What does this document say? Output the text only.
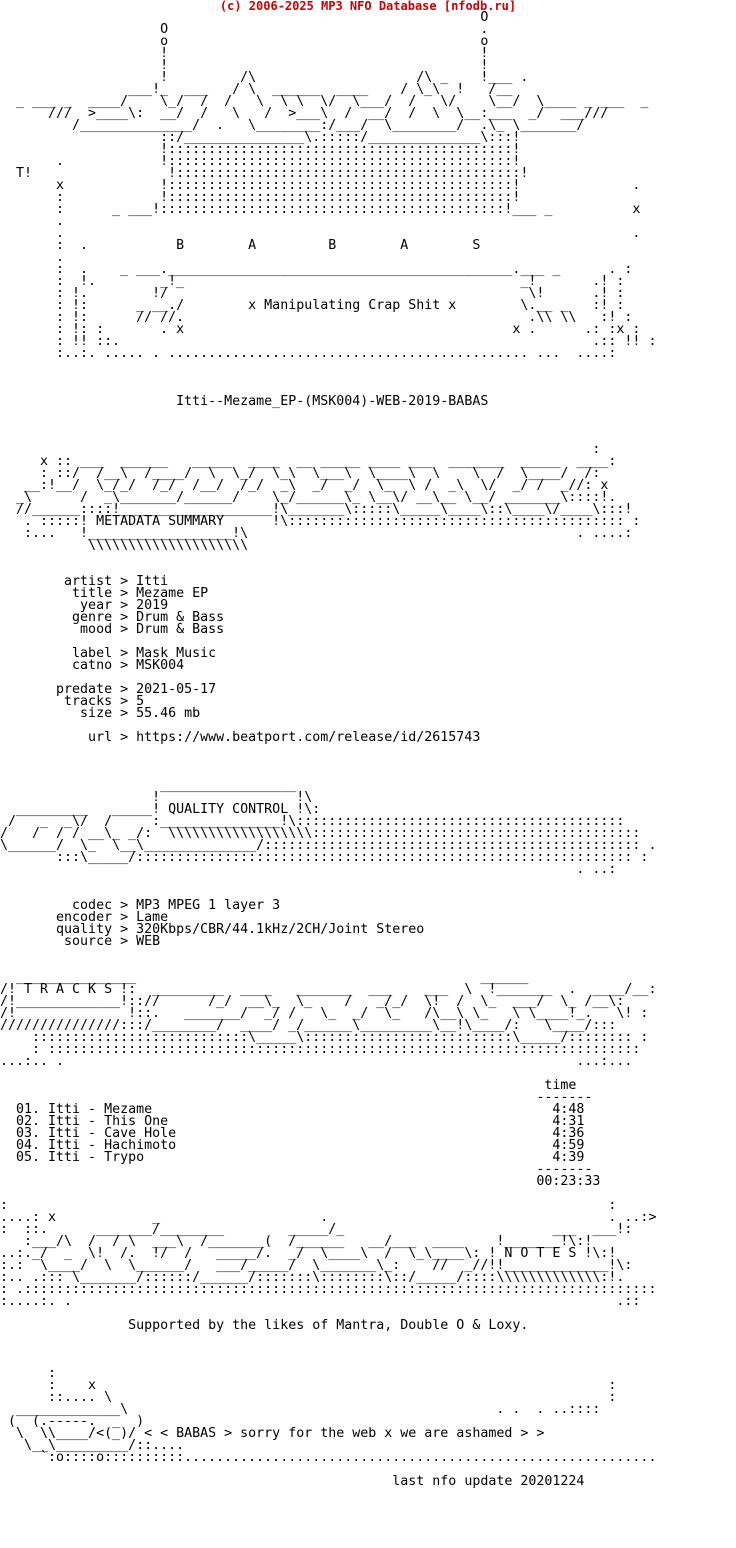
(c) 2006-2025 MP3 NFO Database [nfodb.ru]
O
O                                       .
o                                       o
!                                       !
!                                       !
!         /\                    /\ _    !___ .
___!_  ___   / \  ______  ____    / \_\  !   /__
_ ___ _  ____/    \_/  /  /   \  \ \  \/  \___/  /   \/    \__/  \____ _ ___  _
///  >____\:  __/  /   \   /  >___\  /  __/  /  \  \__:___  _/  ___///
/______________/  .   \________:/___/  \________/  .\_ \_______/
::/_______________\.:::::/______________\:::!
!:::::::::::::::::::::::::::::::::::::::::::!
.            !:::::::::::::::::::::::::::::::::::::::::::!
T!                 !:::::::::::::::::::::::::::::::::::::::::::!
x            !:::::::::::::::::::::::::::::::::::::::::::!              .
:            !:::::::::::::::::::::::::::::::::::::::::::!
:      _ ___!:::::::::::::::::::::::::::::::::::::::::::!___ _          x
.
.                                                                       .
:  .           B        A         B        A        S
.
:  .    _ ___.___________________________________________.___ _      . :
:  !.        _!_                                          _!       .! :
: !.        !/                                             \!      .! :
: !:      _ __./        x Manipulating Crap Shit x        \.__ _   :! :
: !:      // //.                                           .\\ \\   :! :
: !: :       . x                                         x .      .: :x :
: !! ::.                                                           .:: !! :
:..:. ..... . ............................................. ...  ....:
Itti--Mezame_EP-(MSK004)-WEB-2019-BABAS
:
x :: ___  ______   _____  ____  __ _____ ____ ___  _______  _____  ____:
: ::/  /__\  /____/  \  \_/  \_\  \___\  \____\  \    \  /  \____/  /:
__:!__/  \_/_/  /_/  /__/  /_/  _\  _/  _/  \_  \ /  _\  \/  _/ /  _//: x
_\      /  _\_______/______/    \_/______\_ \__\/ __\__ \__/ _______\::::!.
//______::::!___________________!\_______\:::::\_____\____\::\____\/____\:::!
. :::::! METADATA SUMMARY      !\:::::::::::::::::::::::::::::::::::::::::: :
:...   !__________________!\                                         . ....:
\\\\\\\\\\\\\\\\\\\\
artist > Itti
title > Mezame EP
year > 2019
genre > Drum & Bass
mood > Drum & Bass
label > Mask Music
catno > MSK004
predate > 2021-05-17
tracks > 5
size > 55.46 mb
url > https://www.beatport.com/release/id/2615743
_________________
!                 !\
_________   _____! QUALITY CONTROL !\:
/   _  _\/  /     :_______________!\:::::::::::::::::::::::::::::::::::::::::
/   /  / / __\_ _/:  \\\\\\\\\\\\\\\\\\:::::::::::::::::::::::::::::::::::::::::
\______/  \_  \__\______________/::::::::::::::::::::::::::::::::::::::::::::::: .
:::\_____/:::::::::::::::::::::::::::::::::::::::::::::::::::::::::::::: :
. ..:
codec > MP3 MPEG 1 layer 3
encoder > Lame
quality > 320Kbps/CBR/44.1kHz/2CH/Joint Stereo
source > WEB
_______________                                           ______
/! T R A C K S !:  _________  ____   _______  ___    ___  \  !_______  .  ____/__:
/!_____________!:://      /_/  __\_  \_    /   _/_/  \!  /  \_  ___/  \_ /__\:
/!              !::.   _______/  _/ /   \_  _/  \_   /\__\ \_   \ \____!_.   \! :
///////////////:::/________/  ____/ _/______\_________\__!\____/:   \____/:::
:::::::::::::::::::::::::::\_____\::::::::::::::::::::::::::\_____/:::::::: :
: ::::::::::::::::::::::::::::::::::::::::::::::::::::::::::::::::::::::::::
...:.. .                                                                ...:...
time
-------
01. Itti - Mezame                                                  4:48
02. Itti - This One                                                4:31
03. Itti - Cave Hole                                               4:36
04. Itti - Hachimoto                                               4:59
05. Itti - Trypo                                                   4:39
-------
00:23:33
:                                                                           :
....: x            _                    .                                   . ..:>
:  ::.      _______/________        _____/_                          ___  ___!:
:___/\  /  / \  ___\  /_______(  /______   __/___  ____    !_______!\:!
..:._/  _  \!  /.  !/  /   _____/.  _/  \____\  /  \_\____\: ! N O T E S !\:!
:.:  \____/  \  \______/   ___/_____/  \_______\_:    //  _//!!_____________!\:
:.. .::: \_______/::::::/______/:::::::\::::::::\::/_____/::::\\\\\\\\\\\\\:!.
: .:::::::::::::::::::::::::::::::::::::::::::::::::::::::::::::::::::::::::::::::
:....:. .                                                                    .::
Supported by the likes of Mantra, Double O & Loxy.
:
:    x                                                                :
::.... \                                                              :
_____________\                                              . .  . ..::::
(  (.-----.  _  )
\  \\____/<(_)/ < < BABAS > sorry for the web x we are ashamed > >
\__\_________/::....
`:o::::o::::::::::...........................................................
last nfo update 20201224
